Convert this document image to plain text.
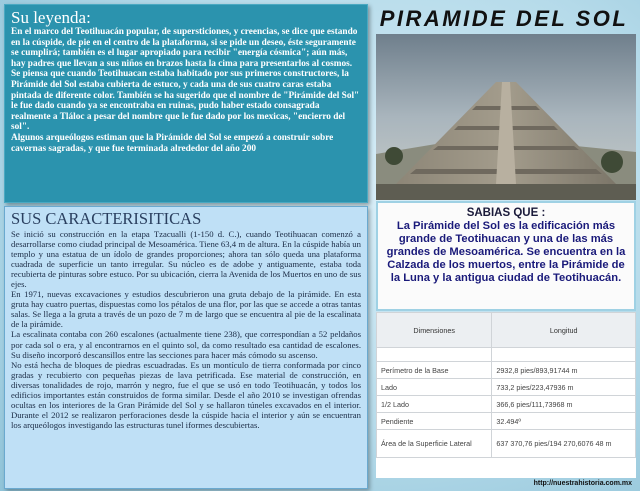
Su leyenda:

En el marco del Teotihuacán popular, de supersticiones, y creencias, se dice que estando en la cúspide, de pie en el centro de la plataforma, si se pide un deseo, éste seguramente se cumplirá; también es el lugar apropiado para recibir "energía cósmica"; aún más, hay padres que llevan a sus niños en brazos hasta la cima para presentarlos al cosmos.

Se piensa que cuando Teotihuacan estaba habitado por sus primeros constructores, la Pirámide del Sol estaba cubierta de estuco, y cada una de sus cuatro caras estaba pintada de diferente color. También se ha sugerido que el nombre de "Pirámide del Sol" le fue dado cuando ya se encontraba en ruinas, pudo haber estado consagrada realmente a Tláloc a pesar del nombre que le fue dado por los mexicas, "encierro del sol".

Algunos arqueólogos estiman que la Pirámide del Sol se empezó a construir sobre cavernas sagradas, y que fue terminada alrededor del año 200

SUS CARACTERISITICAS

Se inició su construcción en la etapa Tzacualli (1-150 d. C.), cuando Teotihuacan comenzó a desarrollarse como ciudad principal de Mesoamérica. Tiene 63,4 m de altura. En la cúspide había un templo y una estatua de un ídolo de grandes proporciones; ahora tan sólo queda una plataforma cuadrada de superficie un tanto irregular. Su núcleo es de adobe y antiguamente, estaba toda recubierta de pinturas sobre estuco. Por su ubicación, cierra la Avenida de los Muertos en uno de sus ejes.

En 1971, nuevas excavaciones y estudios descubrieron una gruta debajo de la pirámide. En esta gruta hay cuatro puertas, dispuestas como los pétalos de una flor, por las que se accede a otras tantas salas. Se llega a la gruta a través de un pozo de 7 m de largo que se encuentra al pie de la escalinata de la pirámide.

La escalinata contaba con 260 escalones (actualmente tiene 238), que correspondían a 52 peldaños por cada sol o era, y al encontrarnos en el quinto sol, da como resultado esa cantidad de escalones. Su diseño incorporó descansillos entre las secciones para hacer más cómodo su ascenso.

No está hecha de bloques de piedras escuadradas. Es un montículo de tierra conformada por cinco gradas y recubierto con pequeñas piezas de lava petrificada. Ese material de construcción, en diversas tonalidades de rojo, marrón y negro, fue el que se usó en todo Teotihuacán, y todos los edificios importantes están construidos de forma similar. Desde el año 2010 se investigan ofrendas ocultas en los interiores de la Gran Pirámide del Sol y se hallaron túneles excavados en el interior. Durante el 2012 se realizaron perforaciones desde la cúspide hacia el interior y aún se encuentran los arqueólogos investigando las estructuras tunel iformes descubiertas.

PIRAMIDE DEL SOL
SABIAS QUE :
La Pirámide del Sol es la edificación más grande de Teotihuacan y una de las más grandes de Mesoamérica. Se encuentra en la Calzada de los muertos, entre la Pirámide de la Luna y la antigua ciudad de Teotihuacán.
Dimensiones	Longitud

Perímetro de la Base	2932,8 pies/893,91744 m
Lado	733,2 pies/223,47936 m
1/2 Lado	366,6 pies/111,73968 m
Pendiente	32.494º
Área de la Superficie Lateral	637 370,76 pies/194 270,6076 48 m
http://nuestrahistoria.com.mx
